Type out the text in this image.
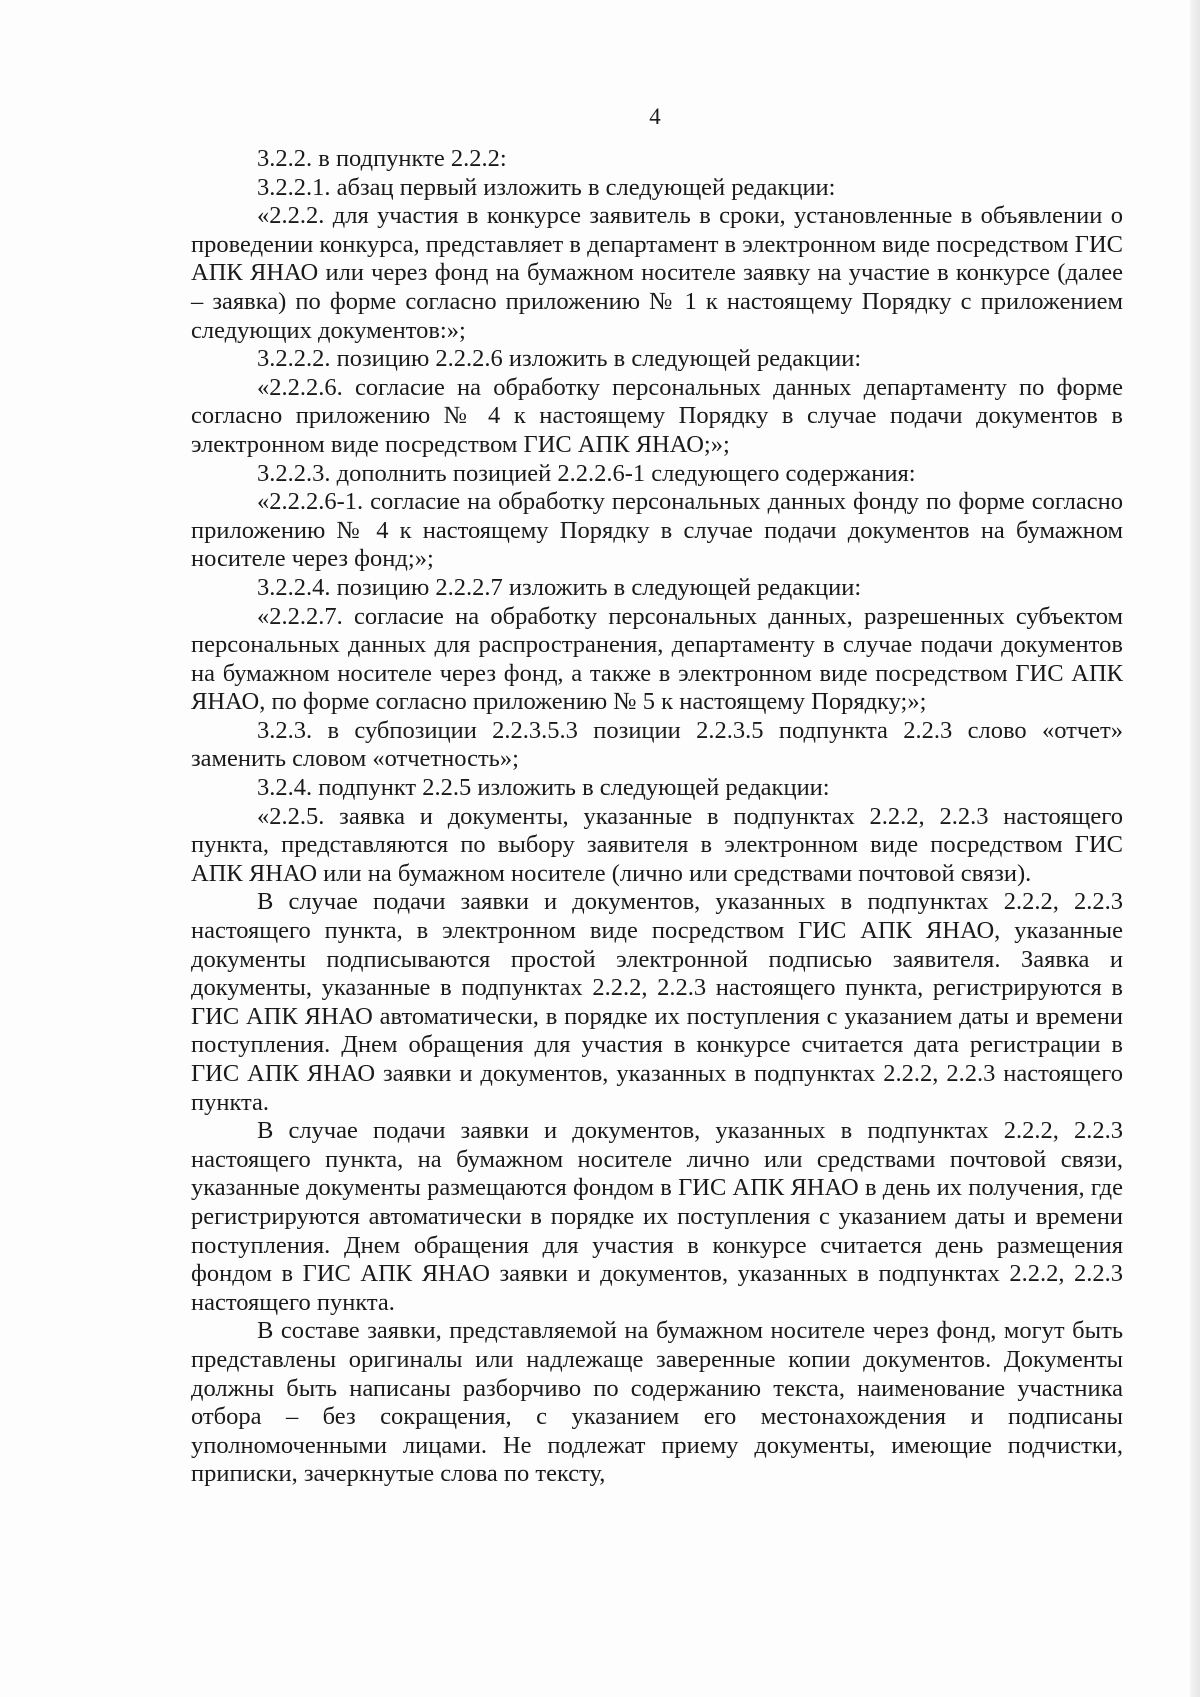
4

3.2.2. в подпункте 2.2.2:

3.2.2.1. абзац первый изложить в следующей редакции:

«2.2.2. для участия в конкурсе заявитель в сроки, установленные в объявлении о проведении конкурса, представляет в департамент в электронном виде посредством ГИС АПК ЯНАО или через фонд на бумажном носителе заявку на участие в конкурсе (далее – заявка) по форме согласно приложению № 1 к настоящему Порядку с приложением следующих документов:»;

3.2.2.2. позицию 2.2.2.6 изложить в следующей редакции:

«2.2.2.6. согласие на обработку персональных данных департаменту по форме согласно приложению № 4 к настоящему Порядку в случае подачи документов в электронном виде посредством ГИС АПК ЯНАО;»;

3.2.2.3. дополнить позицией 2.2.2.6-1 следующего содержания:

«2.2.2.6-1. согласие на обработку персональных данных фонду по форме согласно приложению № 4 к настоящему Порядку в случае подачи документов на бумажном носителе через фонд;»;

3.2.2.4. позицию 2.2.2.7 изложить в следующей редакции:

«2.2.2.7. согласие на обработку персональных данных, разрешенных субъектом персональных данных для распространения, департаменту в случае подачи документов на бумажном носителе через фонд, а также в электронном виде посредством ГИС АПК ЯНАО, по форме согласно приложению № 5 к настоящему Порядку;»;

3.2.3. в субпозиции 2.2.3.5.3 позиции 2.2.3.5 подпункта 2.2.3 слово «отчет» заменить словом «отчетность»;

3.2.4. подпункт 2.2.5 изложить в следующей редакции:

«2.2.5. заявка и документы, указанные в подпунктах 2.2.2, 2.2.3 настоящего пункта, представляются по выбору заявителя в электронном виде посредством ГИС АПК ЯНАО или на бумажном носителе (лично или средствами почтовой связи).

В случае подачи заявки и документов, указанных в подпунктах 2.2.2, 2.2.3 настоящего пункта, в электронном виде посредством ГИС АПК ЯНАО, указанные документы подписываются простой электронной подписью заявителя. Заявка и документы, указанные в подпунктах 2.2.2, 2.2.3 настоящего пункта, регистрируются в ГИС АПК ЯНАО автоматически, в порядке их поступления с указанием даты и времени поступления. Днем обращения для участия в конкурсе считается дата регистрации в ГИС АПК ЯНАО заявки и документов, указанных в подпунктах 2.2.2, 2.2.3 настоящего пункта.

В случае подачи заявки и документов, указанных в подпунктах 2.2.2, 2.2.3 настоящего пункта, на бумажном носителе лично или средствами почтовой связи, указанные документы размещаются фондом в ГИС АПК ЯНАО в день их получения, где регистрируются автоматически в порядке их поступления с указанием даты и времени поступления. Днем обращения для участия в конкурсе считается день размещения фондом в ГИС АПК ЯНАО заявки и документов, указанных в подпунктах 2.2.2, 2.2.3 настоящего пункта.

В составе заявки, представляемой на бумажном носителе через фонд, могут быть представлены оригиналы или надлежаще заверенные копии документов. Документы должны быть написаны разборчиво по содержанию текста, наименование участника отбора – без сокращения, с указанием его местонахождения и подписаны уполномоченными лицами. Не подлежат приему документы, имеющие подчистки, приписки, зачеркнутые слова по тексту,
